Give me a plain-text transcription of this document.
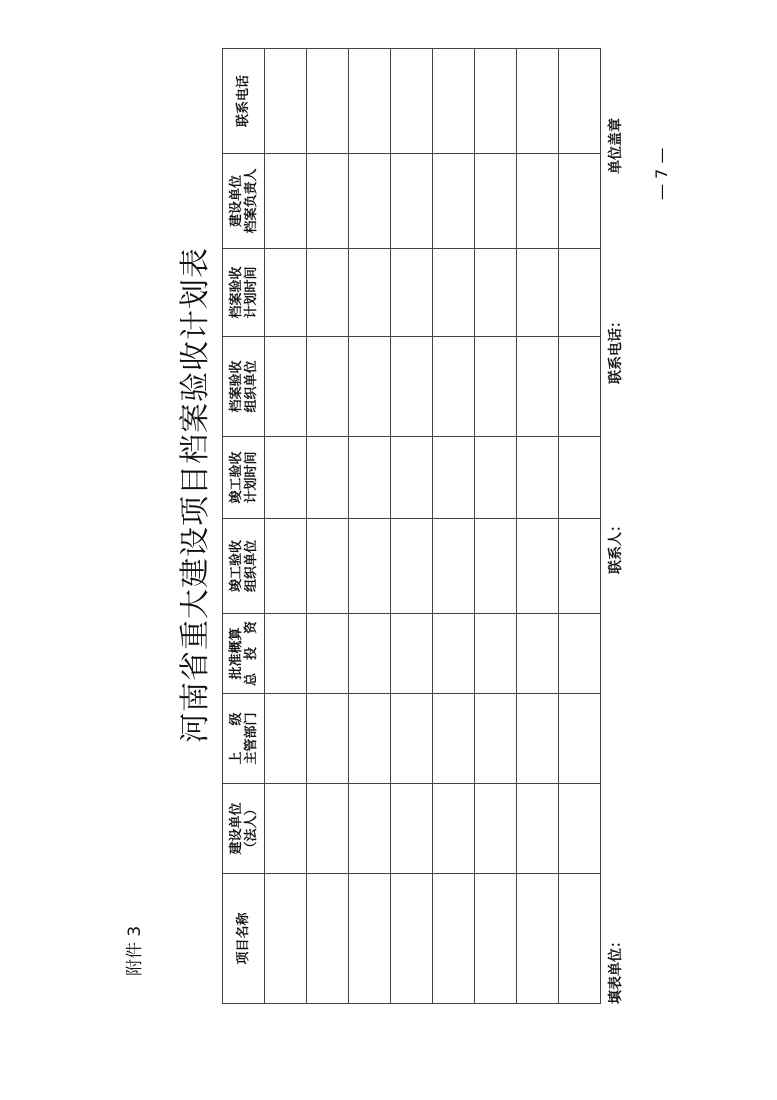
附件 3
河南省重大建设项目档案验收计划表
项目名称	建设单位 （法人）	上　　级 主管部门	批准概算 总　投　资	竣工验收 组织单位	竣工验收 计划时间	档案验收 组织单位	档案验收 计划时间	建设单位 档案负责人	联系电话

填表单位：
联系人：
联系电话：
单位盖章 — 7 —
